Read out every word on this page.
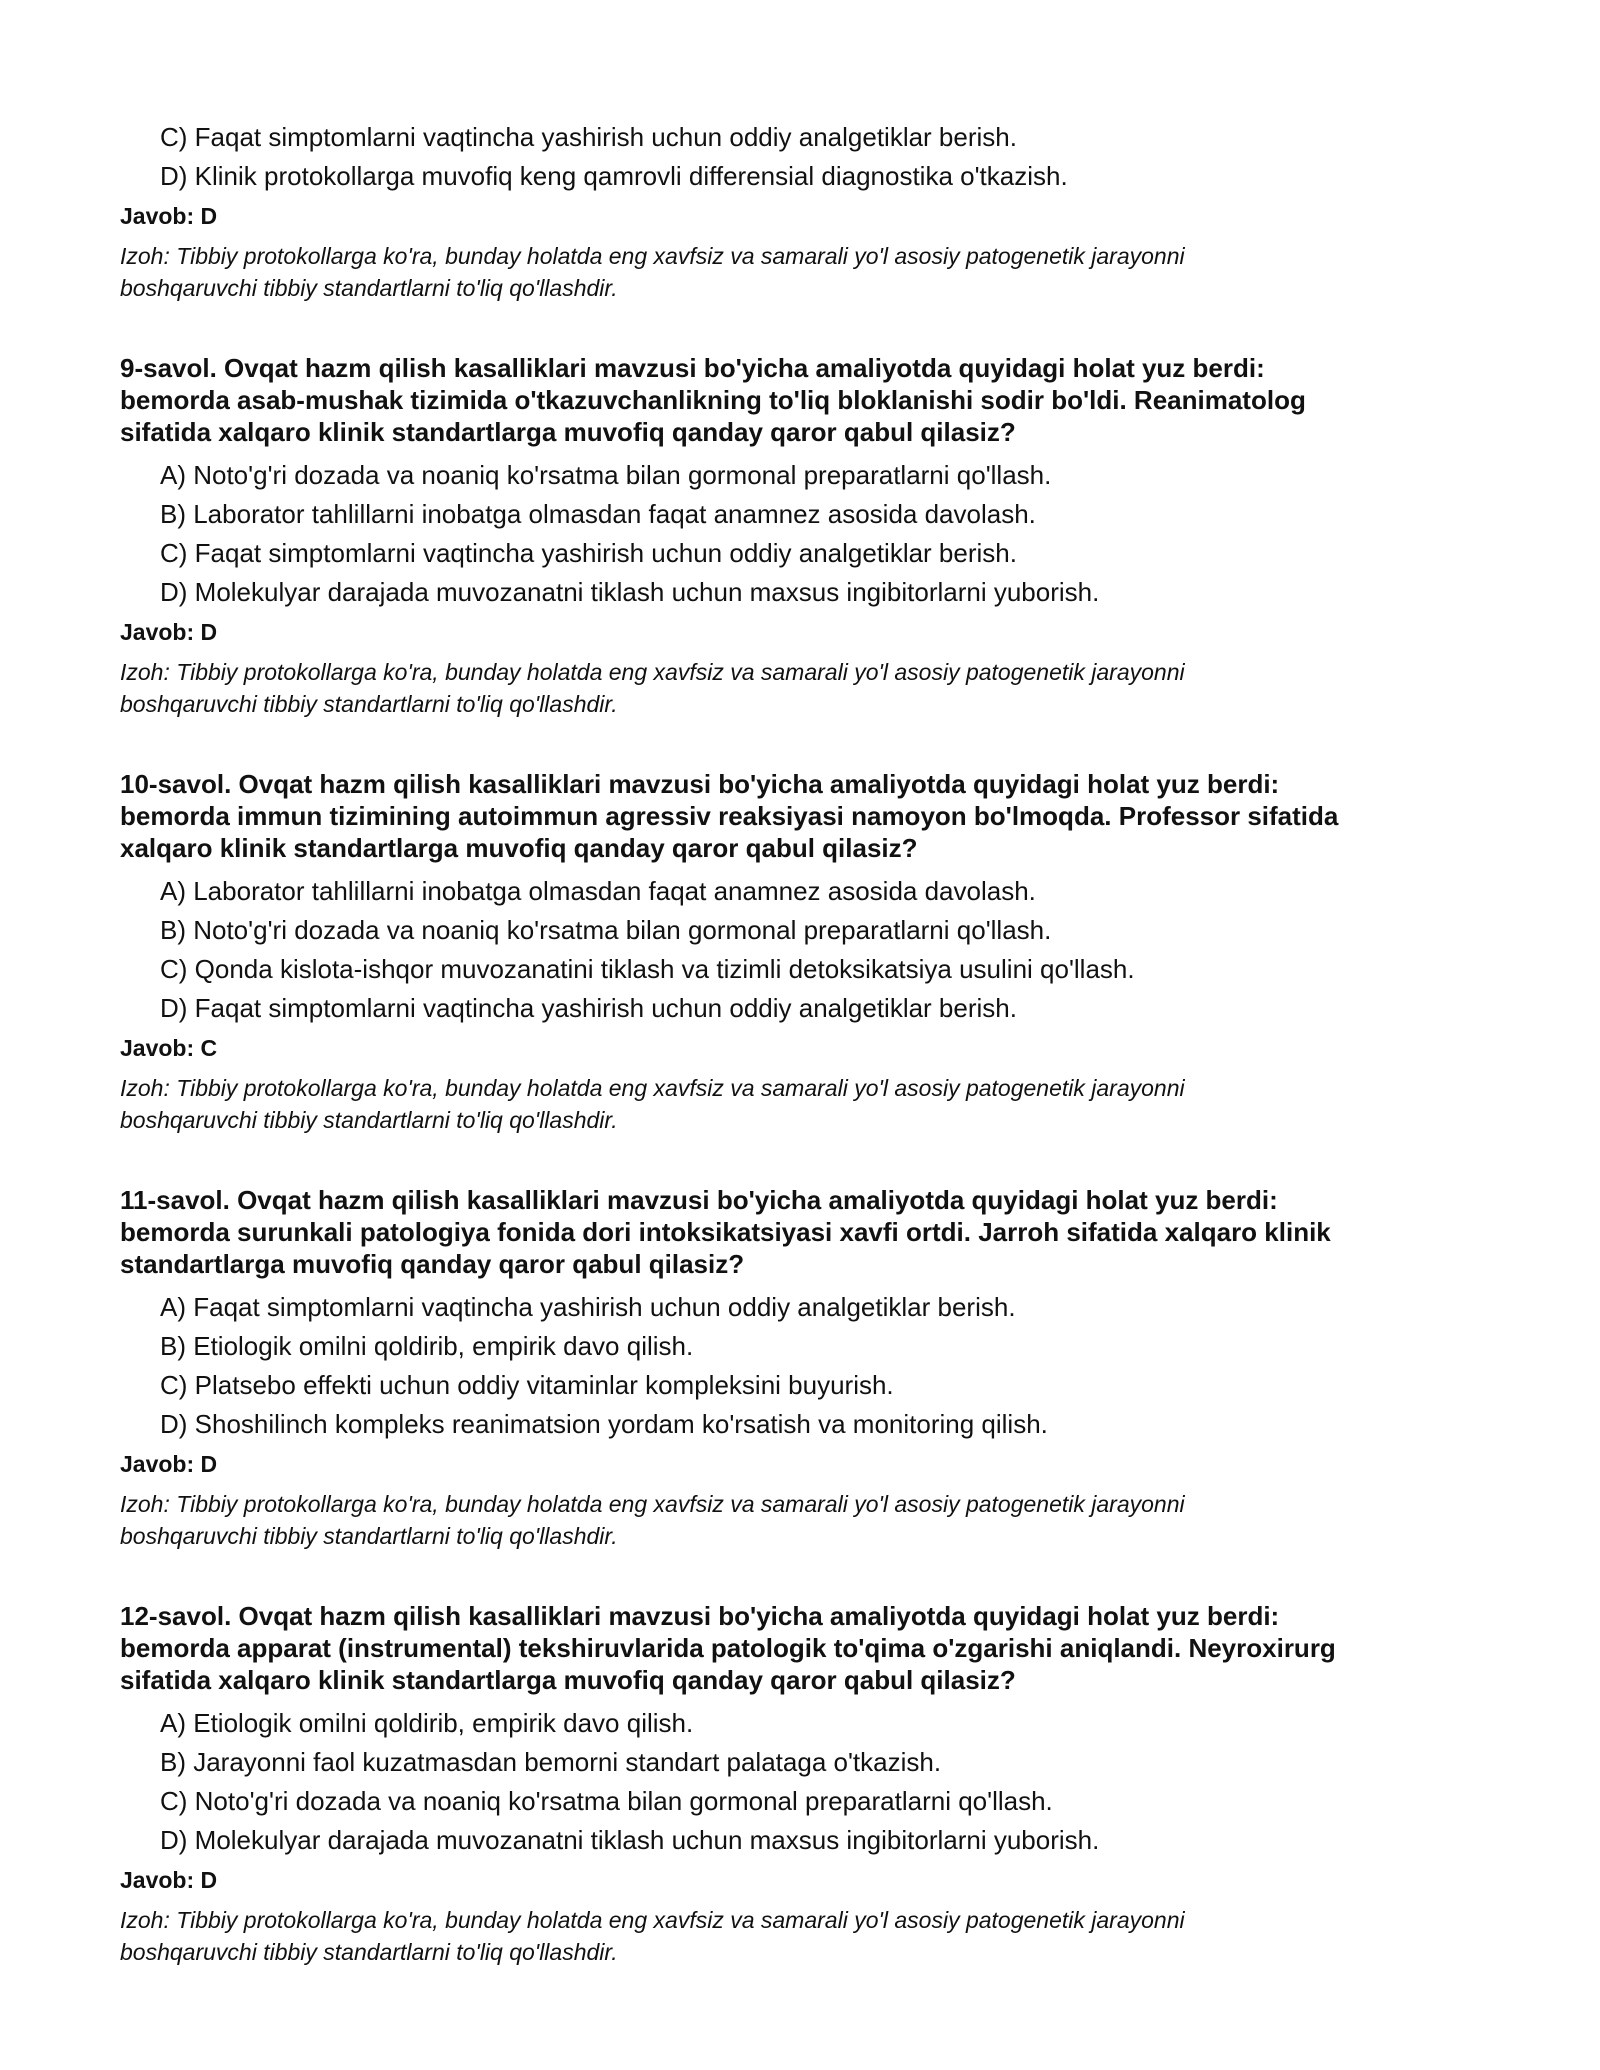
C) Faqat simptomlarni vaqtincha yashirish uchun oddiy analgetiklar berish.
D) Klinik protokollarga muvofiq keng qamrovli differensial diagnostika o'tkazish.
Javob: D
Izoh: Tibbiy protokollarga ko'ra, bunday holatda eng xavfsiz va samarali yo'l asosiy patogenetik jarayonni
boshqaruvchi tibbiy standartlarni to'liq qo'llashdir.
9-savol. Ovqat hazm qilish kasalliklari mavzusi bo'yicha amaliyotda quyidagi holat yuz berdi:
bemorda asab-mushak tizimida o'tkazuvchanlikning to'liq bloklanishi sodir bo'ldi. Reanimatolog
sifatida xalqaro klinik standartlarga muvofiq qanday qaror qabul qilasiz?
A) Noto'g'ri dozada va noaniq ko'rsatma bilan gormonal preparatlarni qo'llash.
B) Laborator tahlillarni inobatga olmasdan faqat anamnez asosida davolash.
C) Faqat simptomlarni vaqtincha yashirish uchun oddiy analgetiklar berish.
D) Molekulyar darajada muvozanatni tiklash uchun maxsus ingibitorlarni yuborish.
Javob: D
Izoh: Tibbiy protokollarga ko'ra, bunday holatda eng xavfsiz va samarali yo'l asosiy patogenetik jarayonni
boshqaruvchi tibbiy standartlarni to'liq qo'llashdir.
10-savol. Ovqat hazm qilish kasalliklari mavzusi bo'yicha amaliyotda quyidagi holat yuz berdi:
bemorda immun tizimining autoimmun agressiv reaksiyasi namoyon bo'lmoqda. Professor sifatida
xalqaro klinik standartlarga muvofiq qanday qaror qabul qilasiz?
A) Laborator tahlillarni inobatga olmasdan faqat anamnez asosida davolash.
B) Noto'g'ri dozada va noaniq ko'rsatma bilan gormonal preparatlarni qo'llash.
C) Qonda kislota-ishqor muvozanatini tiklash va tizimli detoksikatsiya usulini qo'llash.
D) Faqat simptomlarni vaqtincha yashirish uchun oddiy analgetiklar berish.
Javob: C
Izoh: Tibbiy protokollarga ko'ra, bunday holatda eng xavfsiz va samarali yo'l asosiy patogenetik jarayonni
boshqaruvchi tibbiy standartlarni to'liq qo'llashdir.
11-savol. Ovqat hazm qilish kasalliklari mavzusi bo'yicha amaliyotda quyidagi holat yuz berdi:
bemorda surunkali patologiya fonida dori intoksikatsiyasi xavfi ortdi. Jarroh sifatida xalqaro klinik
standartlarga muvofiq qanday qaror qabul qilasiz?
A) Faqat simptomlarni vaqtincha yashirish uchun oddiy analgetiklar berish.
B) Etiologik omilni qoldirib, empirik davo qilish.
C) Platsebo effekti uchun oddiy vitaminlar kompleksini buyurish.
D) Shoshilinch kompleks reanimatsion yordam ko'rsatish va monitoring qilish.
Javob: D
Izoh: Tibbiy protokollarga ko'ra, bunday holatda eng xavfsiz va samarali yo'l asosiy patogenetik jarayonni
boshqaruvchi tibbiy standartlarni to'liq qo'llashdir.
12-savol. Ovqat hazm qilish kasalliklari mavzusi bo'yicha amaliyotda quyidagi holat yuz berdi:
bemorda apparat (instrumental) tekshiruvlarida patologik to'qima o'zgarishi aniqlandi. Neyroxirurg
sifatida xalqaro klinik standartlarga muvofiq qanday qaror qabul qilasiz?
A) Etiologik omilni qoldirib, empirik davo qilish.
B) Jarayonni faol kuzatmasdan bemorni standart palataga o'tkazish.
C) Noto'g'ri dozada va noaniq ko'rsatma bilan gormonal preparatlarni qo'llash.
D) Molekulyar darajada muvozanatni tiklash uchun maxsus ingibitorlarni yuborish.
Javob: D
Izoh: Tibbiy protokollarga ko'ra, bunday holatda eng xavfsiz va samarali yo'l asosiy patogenetik jarayonni
boshqaruvchi tibbiy standartlarni to'liq qo'llashdir.
